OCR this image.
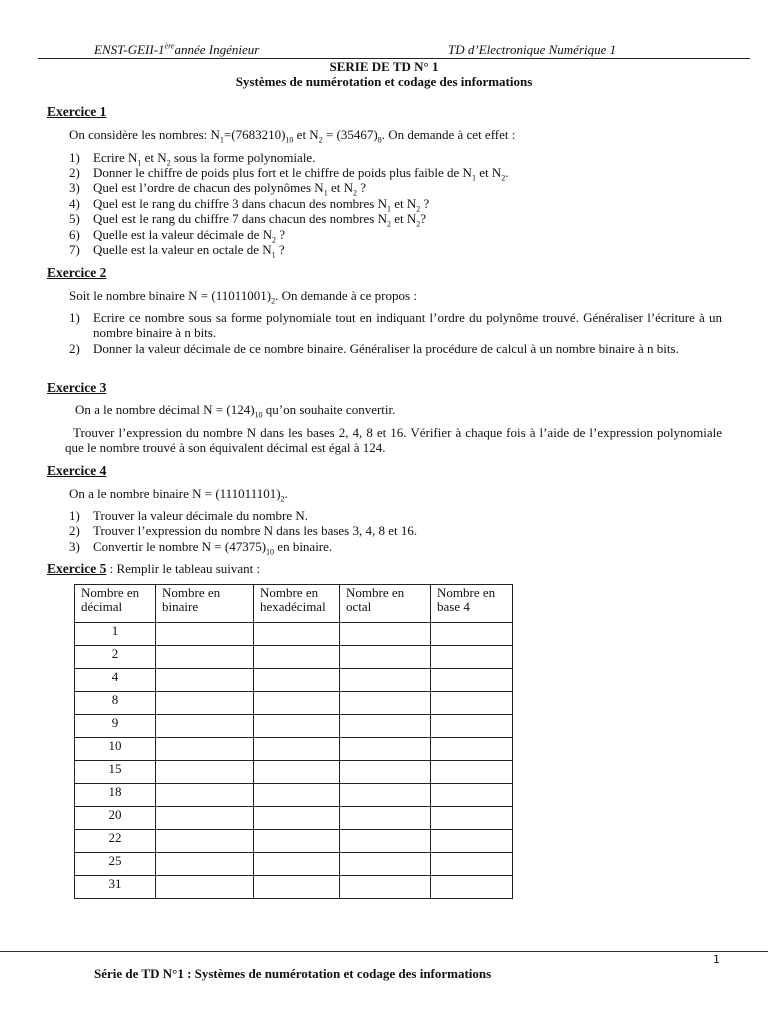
ENST-GEII-1èreannée Ingénieur	TD d’Electronique Numérique 1
SERIE DE TD N° 1
Systèmes de numérotation et codage des informations
Exercice 1
On considère les nombres: $N_1=(7683210)_{10}$ et $N_2 = (35467)_8$. On demande à cet effet :
1) Ecrire $N_1$ et $N_2$ sous la forme polynomiale.
2) Donner le chiffre de poids plus fort et le chiffre de poids plus faible de $N_1$ et $N_2$.
3) Quel est l’ordre de chacun des polynômes $N_1$ et $N_2$ ?
4) Quel est le rang du chiffre 3 dans chacun des nombres $N_1$ et $N_2$ ?
5) Quel est le rang du chiffre 7 dans chacun des nombres $N_2$ et $N_2$?
6) Quelle est la valeur décimale de $N_2$ ?
7) Quelle est la valeur en octale de $N_1$ ?
Exercice 2
Soit le nombre binaire $N = (11011001)_2$. On demande à ce propos :
1) Ecrire ce nombre sous sa forme polynomiale tout en indiquant l’ordre du polynôme trouvé. Généraliser l’écriture à un nombre binaire à n bits.
2) Donner la valeur décimale de ce nombre binaire. Généraliser la procédure de calcul à un nombre binaire à n bits.
Exercice 3
On a le nombre décimal $N = (124)_{10}$ qu’on souhaite convertir.
Trouver l’expression du nombre N dans les bases 2, 4, 8 et 16. Vérifier à chaque fois à l’aide de l’expression polynomiale que le nombre trouvé à son équivalent décimal est égal à 124.
Exercice 4
On a le nombre binaire $N = (111011101)_2$.
1) Trouver la valeur décimale du nombre N.
2) Trouver l’expression du nombre N dans les bases 3, 4, 8 et 16.
3) Convertir le nombre $N = (47375)_{10}$ en binaire.
Exercice 5 : Remplir le tableau suivant :
Nombre en décimal	Nombre en binaire	Nombre en hexadécimal	Nombre en octal	Nombre en base 4
1				
2				
4				
8				
9				
10				
15				
18				
20				
22				
25				
31				
1
Série de TD N°1 : Systèmes de numérotation et codage des informations
